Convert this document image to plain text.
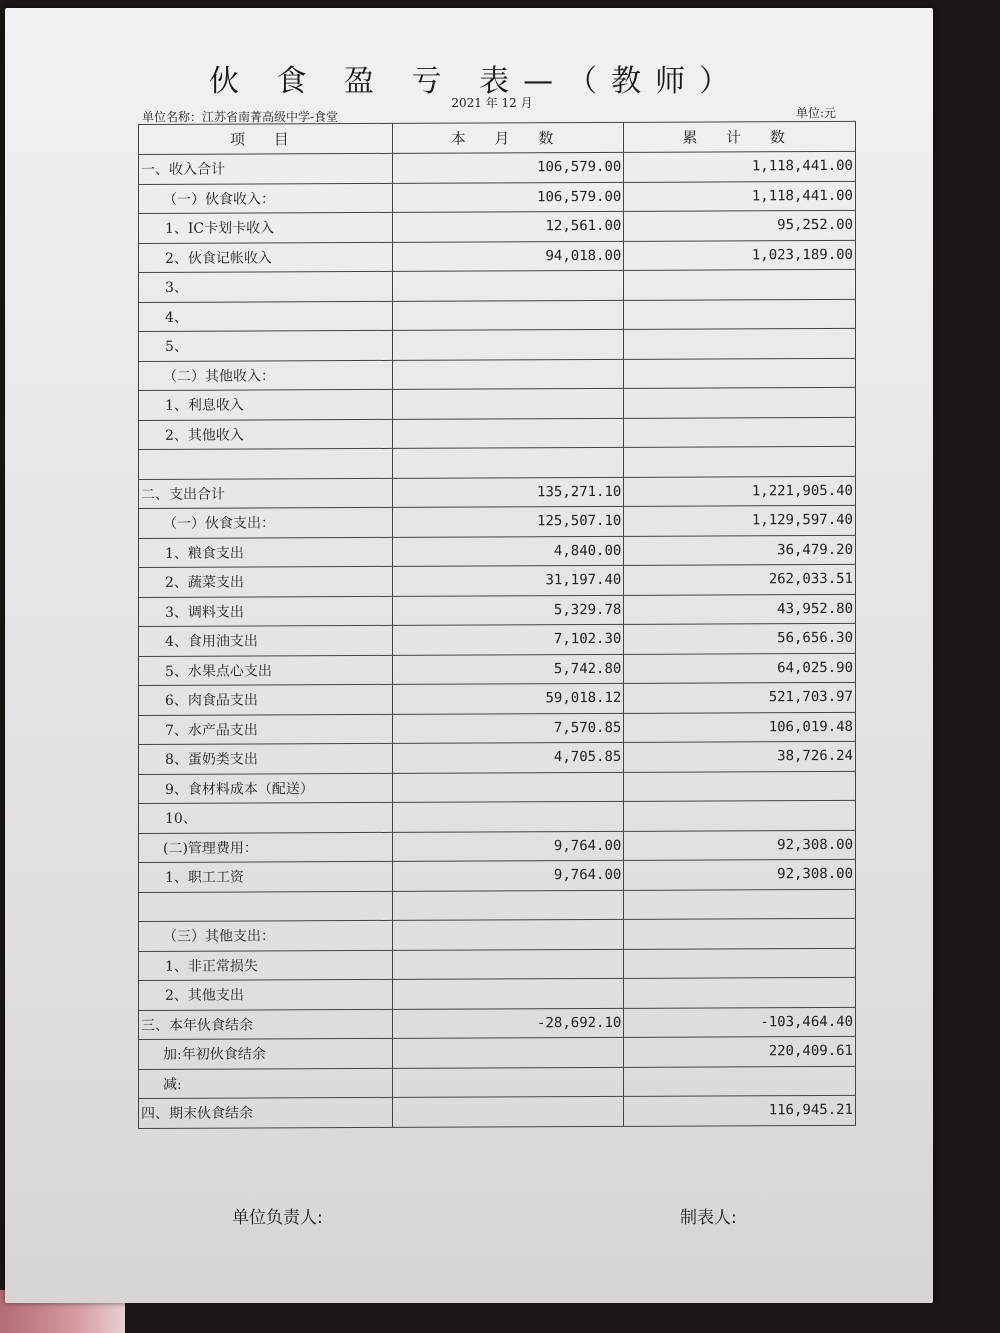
伙 食 盈 亏 表—（教师）
2021 年 12 月
单位名称：江苏省南菁高级中学-食堂	单位:元
项 目	本 月 数	累 计 数
一、收入合计	106,579.00	1,118,441.00
（一）伙食收入：	106,579.00	1,118,441.00
1、IC卡划卡收入	12,561.00	95,252.00
2、伙食记帐收入	94,018.00	1,023,189.00
3、		
4、		
5、		
（二）其他收入：		
1、利息收入		
2、其他收入		

二、支出合计	135,271.10	1,221,905.40
（一）伙食支出：	125,507.10	1,129,597.40
1、粮食支出	4,840.00	36,479.20
2、蔬菜支出	31,197.40	262,033.51
3、调料支出	5,329.78	43,952.80
4、食用油支出	7,102.30	56,656.30
5、水果点心支出	5,742.80	64,025.90
6、肉食品支出	59,018.12	521,703.97
7、水产品支出	7,570.85	106,019.48
8、蛋奶类支出	4,705.85	38,726.24
9、食材料成本（配送）		
10、		
(二)管理费用：	9,764.00	92,308.00
1、职工工资	9,764.00	92,308.00

（三）其他支出：		
1、非正常损失		
2、其他支出		
三、本年伙食结余	-28,692.10	-103,464.40
加:年初伙食结余		220,409.61
减:		
四、期末伙食结余		116,945.21
单位负责人:	制表人:
